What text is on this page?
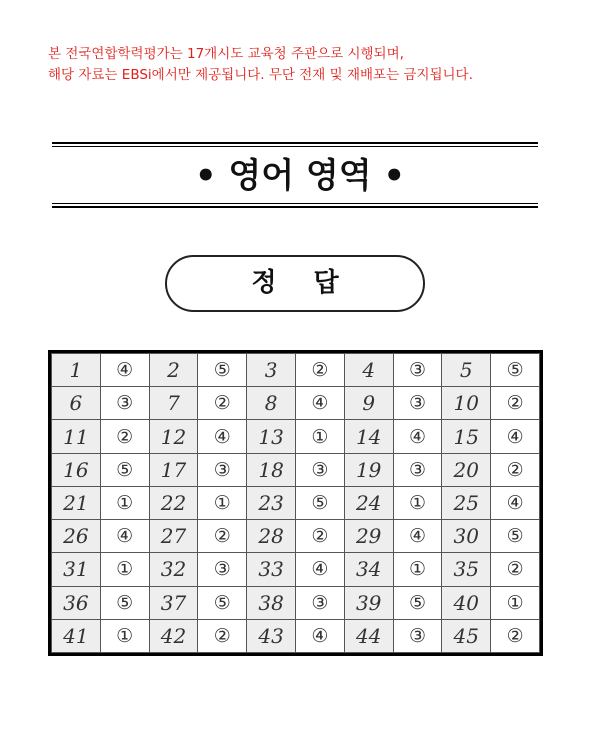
본 전국연합학력평가는 17개시도 교육청 주관으로 시행되며,
해당 자료는 EBSi에서만 제공됩니다. 무단 전재 및 재배포는 금지됩니다.
• 영어 영역 •
정 답
1	④	2	⑤	3	②	4	③	5	⑤
6	③	7	②	8	④	9	③	10	②
11	②	12	④	13	①	14	④	15	④
16	⑤	17	③	18	③	19	③	20	②
21	①	22	①	23	⑤	24	①	25	④
26	④	27	②	28	②	29	④	30	⑤
31	①	32	③	33	④	34	①	35	②
36	⑤	37	⑤	38	③	39	⑤	40	①
41	①	42	②	43	④	44	③	45	②
